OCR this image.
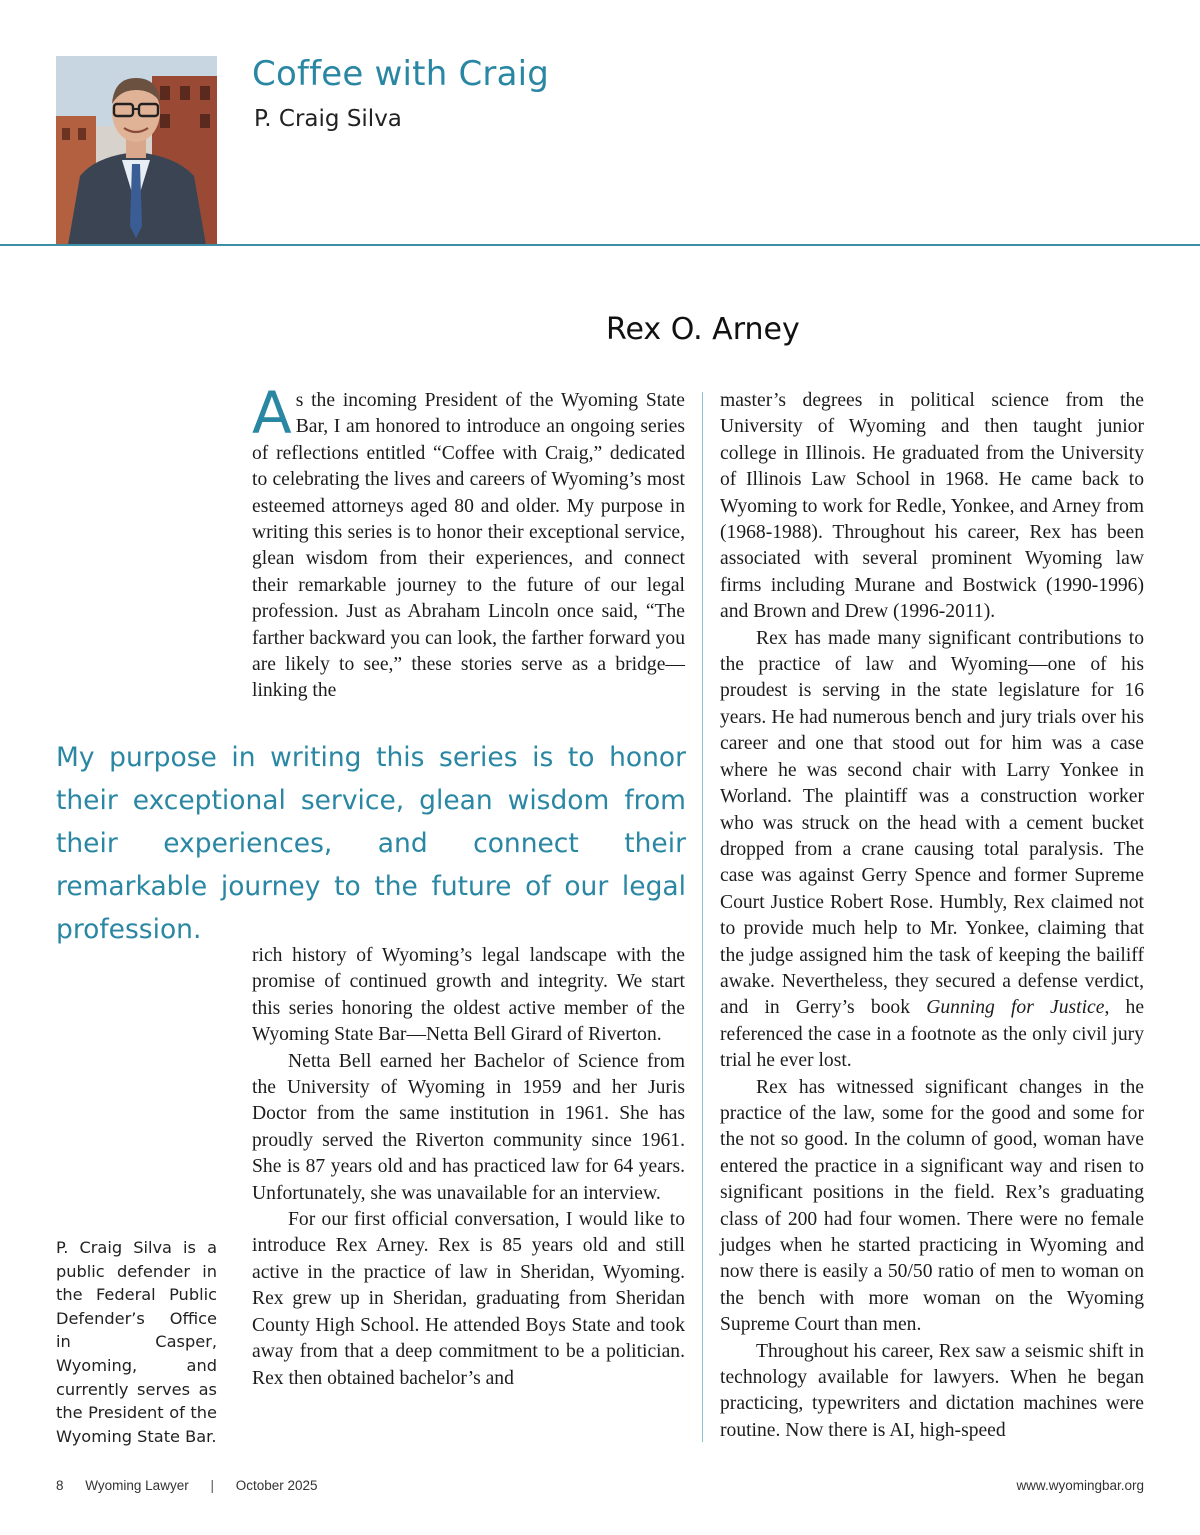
Coffee with Craig

P. Craig Silva

Rex O. Arney

As the incoming President of the Wyoming State Bar, I am honored to introduce an ongoing series of reflections entitled “Coffee with Craig,” dedicated to celebrating the lives and careers of Wyoming’s most esteemed attorneys aged 80 and older. My purpose in writing this series is to honor their exceptional service, glean wisdom from their experiences, and connect their remarkable journey to the future of our legal profession. Just as Abraham Lincoln once said, “The farther backward you can look, the farther forward you are likely to see,” these stories serve as a bridge—linking the

My purpose in writing this series is to honor their exceptional service, glean wisdom from their experiences, and connect their remarkable journey to the future of our legal profession.

rich history of Wyoming’s legal landscape with the promise of continued growth and integrity. We start this series honoring the oldest active member of the Wyoming State Bar—Netta Bell Girard of Riverton.

Netta Bell earned her Bachelor of Science from the University of Wyoming in 1959 and her Juris Doctor from the same institution in 1961. She has proudly served the Riverton community since 1961. She is 87 years old and has practiced law for 64 years. Unfortunately, she was unavailable for an interview.

For our first official conversation, I would like to introduce Rex Arney. Rex is 85 years old and still active in the practice of law in Sheridan, Wyoming. Rex grew up in Sheridan, graduating from Sheridan County High School. He attended Boys State and took away from that a deep commitment to be a politician. Rex then obtained bachelor’s and

master’s degrees in political science from the University of Wyoming and then taught junior college in Illinois. He graduated from the University of Illinois Law School in 1968. He came back to Wyoming to work for Redle, Yonkee, and Arney from (1968-1988). Throughout his career, Rex has been associated with several prominent Wyoming law firms including Murane and Bostwick (1990-1996) and Brown and Drew (1996-2011).

Rex has made many significant contributions to the practice of law and Wyoming—one of his proudest is serving in the state legislature for 16 years. He had numerous bench and jury trials over his career and one that stood out for him was a case where he was second chair with Larry Yonkee in Worland. The plaintiff was a construction worker who was struck on the head with a cement bucket dropped from a crane causing total paralysis. The case was against Gerry Spence and former Supreme Court Justice Robert Rose. Humbly, Rex claimed not to provide much help to Mr. Yonkee, claiming that the judge assigned him the task of keeping the bailiff awake. Nevertheless, they secured a defense verdict, and in Gerry’s book Gunning for Justice, he referenced the case in a footnote as the only civil jury trial he ever lost.

Rex has witnessed significant changes in the practice of the law, some for the good and some for the not so good. In the column of good, woman have entered the practice in a significant way and risen to significant positions in the field. Rex’s graduating class of 200 had four women. There were no female judges when he started practicing in Wyoming and now there is easily a 50/50 ratio of men to woman on the bench with more woman on the Wyoming Supreme Court than men.

Throughout his career, Rex saw a seismic shift in technology available for lawyers. When he began practicing, typewriters and dictation machines were routine. Now there is AI, high-speed

P. Craig Silva is a public defender in the Federal Public Defender’s Office in Casper, Wyoming, and currently serves as the President of the Wyoming State Bar.

8 Wyoming Lawyer | October 2025	www.wyomingbar.org
